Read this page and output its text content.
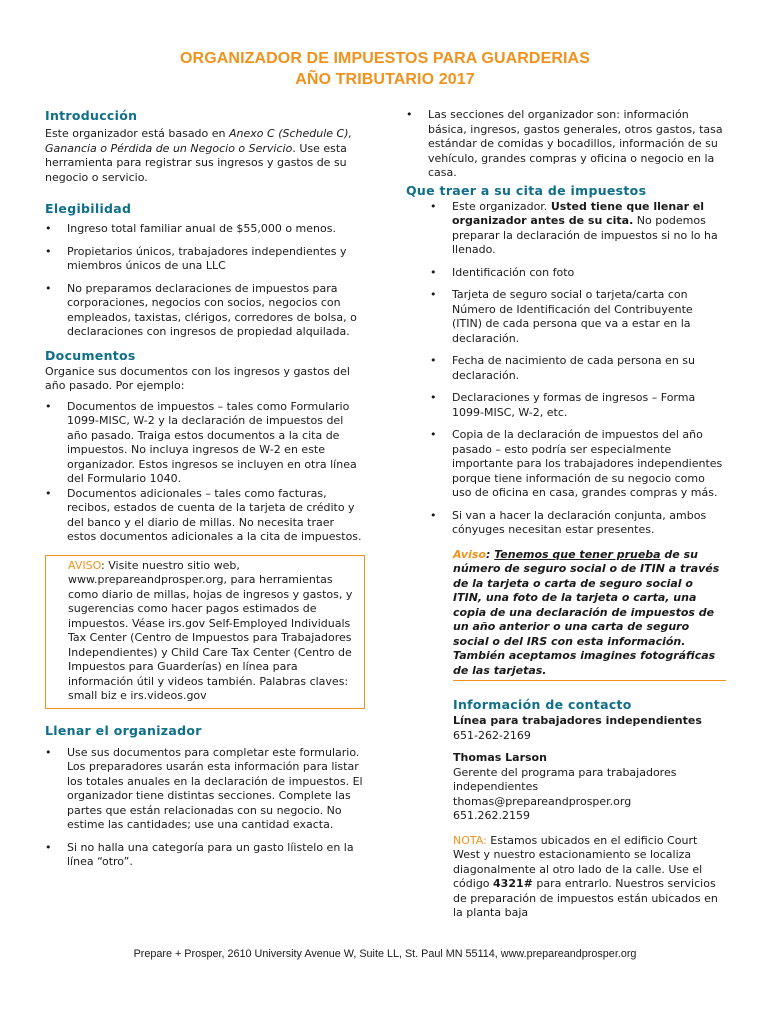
ORGANIZADOR DE IMPUESTOS PARA GUARDERIAS
AÑO TRIBUTARIO 2017
Introducción

Este organizador está basado en Anexo C (Schedule C), Ganancia o Pérdida de un Negocio o Servicio. Use esta herramienta para registrar sus ingresos y gastos de su negocio o servicio.

Elegibilidad
• Ingreso total familiar anual de $55,000 o menos.
• Propietarios únicos, trabajadores independientes y miembros únicos de una LLC
• No preparamos declaraciones de impuestos para corporaciones, negocios con socios, negocios con empleados, taxistas, clérigos, corredores de bolsa, o declaraciones con ingresos de propiedad alquilada.
Documentos

Organice sus documentos con los ingresos y gastos del año pasado. Por ejemplo:

• Documentos de impuestos – tales como Formulario 1099-MISC, W-2 y la declaración de impuestos del año pasado. Traiga estos documentos a la cita de impuestos. No incluya ingresos de W-2 en este organizador. Estos ingresos se incluyen en otra línea del Formulario 1040.
• Documentos adicionales – tales como facturas, recibos, estados de cuenta de la tarjeta de crédito y del banco y el diario de millas. No necesita traer estos documentos adicionales a la cita de impuestos.
AVISO: Visite nuestro sitio web, www.prepareandprosper.org, para herramientas como diario de millas, hojas de ingresos y gastos, y sugerencias como hacer pagos estimados de impuestos. Véase irs.gov Self-Employed Individuals Tax Center (Centro de Impuestos para Trabajadores Independientes) y Child Care Tax Center (Centro de Impuestos para Guarderías) en línea para información útil y videos también. Palabras claves: small biz e irs.videos.gov
Llenar el organizador
• Use sus documentos para completar este formulario. Los preparadores usarán esta información para listar los totales anuales en la declaración de impuestos. El organizador tiene distintas secciones. Complete las partes que están relacionadas con su negocio. No estime las cantidades; use una cantidad exacta.
• Si no halla una categoría para un gasto líistelo en la línea “otro”.
• Las secciones del organizador son: información básica, ingresos, gastos generales, otros gastos, tasa estándar de comidas y bocadillos, información de su vehículo, grandes compras y oficina o negocio en la casa.
Que traer a su cita de impuestos
• Este organizador. Usted tiene que llenar el organizador antes de su cita. No podemos preparar la declaración de impuestos si no lo ha llenado.
• Identificación con foto
• Tarjeta de seguro social o tarjeta/carta con Número de Identificación del Contribuyente (ITIN) de cada persona que va a estar en la declaración.
• Fecha de nacimiento de cada persona en su declaración.
• Declaraciones y formas de ingresos – Forma 1099-MISC, W-2, etc.
• Copia de la declaración de impuestos del año pasado – esto podría ser especialmente importante para los trabajadores independientes porque tiene información de su negocio como uso de oficina en casa, grandes compras y más.
• Si van a hacer la declaración conjunta, ambos cónyuges necesitan estar presentes.
Aviso: Tenemos que tener prueba de su número de seguro social o de ITIN a través de la tarjeta o carta de seguro social o ITIN, una foto de la tarjeta o carta, una copia de una declaración de impuestos de un año anterior o una carta de seguro social o del IRS con esta información. También aceptamos imagines fotográficas de las tarjetas.
Información de contacto

Línea para trabajadores independientes

651-262-2169

Thomas Larson

Gerente del programa para trabajadores independientes

thomas@prepareandprosper.org

651.262.2159

NOTA: Estamos ubicados en el edificio Court West y nuestro estacionamiento se localiza diagonalmente al otro lado de la calle. Use el código 4321# para entrarlo. Nuestros servicios de preparación de impuestos están ubicados en la planta baja

Prepare + Prosper, 2610 University Avenue W, Suite LL, St. Paul MN 55114, www.prepareandprosper.org
